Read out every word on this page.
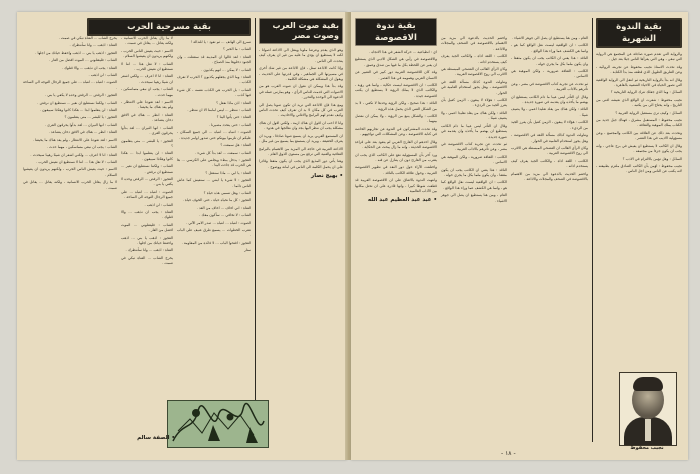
بقية صوت العرب وصوت مصر

وهو الذي يقدم وعرضا ملونا وينقل الى الاذاعة اصواتا ، لكنه لا يستطيع ان يؤدي ما عليه من غير ان يعرف كيف يتحدث الى الناس .

وإذا كانت الاذاعة تمثل ، فإن الاذاعة من غير شك أخرى في مسيرتها الى الجماهير ، وفي قدرتها على الحديث ، ويقول ان المشكلة هي مشكلة الكلمة .

وقد بدأ هذا ويمكن ان نقول ان صوت العرب هو من الاصوات التي قدمت للناس الرأي ، وهو يمارس عمله في الدعوة الى الوحدة والتحرر .

ومع هذا فإن الاذاعة التي تريد ان تكون صوتا يصل الى العرب في كل مكان لا بد ان تعرف كيف تحدث الناس وكيف تقدم لهم البرامج والاغاني والاحاديث .

وانا لا احب ان اقول ان هناك ازمة ، ولكني اقول ان هناك مشكلة يجب ان ننظر اليها بجد وان نعالجها في هدوء .

ان المستمع العربي يريد ان يسمع صوتا صادقا ، ويريد ان يعرف الحقيقة ، ويريد ان يستمتع بما يسمع من غير ملل .

الاذاعة العربية في حاجة الى المزيد من الاهتمام بالبرامج الثقافية والفنية التي ترفع من مستوى الذوق العام .

وهنا يأتي دور المذيع الذي يجب ان يكون مثقفا وقادرا على ان يحمل الكلمة الى الناس في امانة ووضوح .

• بهيج نصار
بقية مسرحية الحرب

تسرع الى الهاتف ... ثم تعود : يا للنذالة !

الشاب : ما الخبر ؟

الفتاة : لقد قالوا ان المدينة قد سقطت ، وان الجنود دخلوها منذ الصباح .

الشاب : لا يمكن ... انهم يكذبون .

الفتاة : وما الذي يجعلهم يكذبون ؟ الحرب لا تعرف الكذب .

الشاب : بل الحرب هي الكذب نفسه ، كل شيء فيها كذب .

الفتاة : اذن ماذا نفعل ؟

الشاب : ننتظر ... ليس امامنا الا ان ننتظر .

الفتاة : حتى يأتوا الينا ؟

الشاب : حتى يتحدد مصيرنا .

الصوت : انتباه ... انتباه ... الى جميع السكان ، عليكم ان تلزموا بيوتكم حتى صدور اوامر جديدة .

الفتاة : هل سمعت ؟

الشاب : سمعت ... لقد بدأ كل شيء .

العجوز : يدخل ببطء ويجلس على الكرسي ... ها هي الحرب قد جاءت الينا .

الفتاة : يا ابي ... ماذا سنفعل ؟

العجوز : لا شيء يا ابنتي ... سنعيش كما عاش الناس دائما .

الشاب : وهل تسمى هذه حياة ؟

العجوز : كل ما نحياه حياة ، حتى الخوف حياة .

الفتاة : اني اخاف ... اخاف من الغد .

الشاب : لا تخافي ... سأكون معك .

الصوت : انتباه ... انتباه ... صدر الامر الآتي .

تقترب الخطوات ... يسمع طرق عنيف على الباب .

العجوز : افتحوا الباب ... لا فائدة من المقاومة .

ستار

لا ما زال يقاتل الحرب الانسانية ، ولكنه يقاتل ... يقاتل في صمت .

الاسم : حيث يعيش الناس الحرب ، ولكنهم يريدون ان يعيشوا السلام .

الشاب : لا تقل هذا ... اننا لا نستطيع ان نعيش الحرب .

الفتاة : انا لا اعرف ... ولكني اشعر ان شيئا رهيبا سيحدث .

الشاب : يجب ان نبقى متماسكين ، مهما حدث .

الاسم : لقد تعودنا على الانتظار ، ولم يعد هناك ما يخيفنا .

الفتاة : انظر ... هناك في الافق دخان يتصاعد .

الشاب : انها النيران ... لقد بدأوا يحرقون القرى .

العجوز : يا للبشر ... متى يتعلمون ؟

الفتاة : لن يتعلموا ابدا ... هكذا كانوا وهكذا سيبقون .

الشاب : ولكننا نستطيع ان نغير ... نستطيع ان نرفض .

العجوز : الرفض ... الرفض وحده لا يكفي يا بني .

الصوت : انتباه ... انتباه ... على جميع الرجال التوجه الى الساحة .

الشاب : لن اذهب .

الفتاة : يجب ان تذهب ... والا قتلوك .

الشاب : فليقتلوني ... الموت افضل من العار .

العجوز : اذهب يا بني ... اذهب واحفظ حياتك من اجلها .

الفتاة : اذهب ... وانا سأنتظرك .

يخرج الشاب ... الفتاة تبكي في صمت .

يخرج الشاب ... الفتاة تبكي في صمت .

الفتاة : اذهب ... وانا سأنتظرك .

العجوز : اذهب يا بني ... اذهب واحفظ حياتك من اجلها .

الشاب : فليقتلوني ... الموت افضل من العار .

الفتاة : يجب ان تذهب ... والا قتلوك .

الشاب : لن اذهب .

الصوت : انتباه ... انتباه ... على جميع الرجال التوجه الى الساحة .

العجوز : الرفض ... الرفض وحده لا يكفي يا بني .

الشاب : ولكننا نستطيع ان نغير ... نستطيع ان نرفض .

الفتاة : لن يتعلموا ابدا ... هكذا كانوا وهكذا سيبقون .

العجوز : يا للبشر ... متى يتعلمون ؟

الشاب : انها النيران ... لقد بدأوا يحرقون القرى .

الفتاة : انظر ... هناك في الافق دخان يتصاعد .

الاسم : لقد تعودنا على الانتظار ، ولم يعد هناك ما يخيفنا .

الشاب : يجب ان نبقى متماسكين ، مهما حدث .

الفتاة : انا لا اعرف ... ولكني اشعر ان شيئا رهيبا سيحدث .

الشاب : لا تقل هذا ... اننا لا نستطيع ان نعيش الحرب .

الاسم : حيث يعيش الناس الحرب ، ولكنهم يريدون ان يعيشوا السلام .

لا ما زال يقاتل الحرب الانسانية ، ولكنه يقاتل ... يقاتل في صمت .

• الصفة سالم
بقية الندوة الشهرية

والرواية التي تقدم صورة صادقة عن المجتمع هي الرواية التي تبقى ، وهي التي يقرأها الناس جيلا بعد جيل .

وقد تحدث الاستاذ نجيب محفوظ عن تجربته الروائية ، وعن الطريق الطويل الذي قطعه منذ بدأ الكتابة .

وقال انه بدأ بالرواية التاريخية ثم انتقل الى الرواية الواقعية التي تصور الحياة في الاحياء الشعبية بالقاهرة .

السائل : وما الذي جعلك تترك الرواية التاريخية ؟

نجيب محفوظ : شعرت ان الواقع الذي نعيشه اغنى من التاريخ ، وانه يحتاج الى من يكتبه .

السائل : وكيف ترى مستقبل الرواية العربية ؟

نجيب محفوظ : المستقبل مشرق ، فهناك جيل جديد من الكتاب يملك الموهبة والثقافة .

وتحدث بعد ذلك عن العلاقة بين الكاتب والمجتمع ، وعن مسؤولية الاديب في هذا العصر .

وقال ان الكاتب لا يستطيع ان يعيش في برج عاجي ، وانه يجب ان يكون جزءا من مجتمعه .

السائل : وهل تؤمن بالالتزام في الادب ؟

نجيب محفوظ : اؤمن بأن الكاتب الصادق ملتزم بطبيعته ، لانه يكتب عن الناس ومن اجل الناس .

العام ، ومن هنا يستطيع ان يصل الى جوهر الاشياء .

الكاتب : ان الواقعية ليست نقل الواقع كما هو ، وانما هي الكشف عما وراء هذا الواقع .

الناقد : هذا يعني ان الكاتب يجب ان يكون مثقفا ، وان يكون ملما بكل ما يجري حوله .

الكاتب : الثقافة ضرورية ، ولكن الموهبة هي الاساس .

ثم تحدث عن تجربة كتاب الاقصوصة في مصر ، وعن تأثرهم بالاداب الغربية .

وقال ان التأثر ليس عيبا ما دام الكاتب يستطيع ان يهضم ما يأخذه وان يقدمه في صورة جديدة .

الناقد : ولكن هناك من يقلد تقليدا اعمى ، ولا يضيف شيئا .

الكاتب : هؤلاء لا يبقون ، الزمن كفيل بأن يفرز الجيد من الرديء .

وتناولت الندوة كذلك مسألة اللغة في الاقصوصة ، وهل يجوز استخدام العامية في الحوار .

وكان الرأي الغالب ان الفصحى المبسطة هي الاقرب الى روح الاقصوصة العربية .

الكاتب : اللغة اداة ، والكاتب الجيد يعرف كيف يستخدم اداته .

واختتم الحديث بالدعوة الى مزيد من الاهتمام بالاقصوصة في الصحف والمجلات والاذاعة .

بقية ندوة الاقصوصة

اي : انطباعية ... حركة الشعر في هذا الاتجاه .

والاقصوصة في رأيي هي الشكل الادبي الذي يستطيع ان يعبر عن اللحظة بكل ما فيها من صدق وعمق .

وقد كان للاقصوصة العربية دور كبير في التعبير عن الانسان العربي وهمومه في هذا العصر .

الكاتب : ان الاقصوصة ليست حكاية ، وانما هي رؤية ، والكاتب الذي لا يملك الرؤية لا يستطيع ان يكتب اقصوصة جيدة .

الناقد : هذا صحيح ، ولكن الرؤية وحدها لا تكفي ، لا بد من الشكل الفني الذي يحمل هذه الرؤية .

الكاتب : والشكل ينبع من الرؤية ، ولا يمكن ان نفصل بينهما .

وقد تحدث المشتركون في الندوة عن تجاربهم الخاصة في كتابة الاقصوصة ، وعن المشكلات التي تواجههم .

وقال احدهم ان القارئ العربي لم يتعود بعد على قراءة الاقصوصة الحديثة ، وانه ما زال يبحث عن الحكاية .

ورد آخر بأن المسؤولية تقع على الكاتب الذي يجب ان يقترب من القارئ دون ان يتنازل عن فنه .

واختلفت الآراء حول دور النقد في تطوير الاقصوصة العربية ، وحول علاقة الكاتب بالناقد .

وانتهت الندوة بالاتفاق على ان الاقصوصة العربية قد قطعت شوطا كبيرا ، وانها قادرة على ان تحتل مكانها بين الآداب العالمية .

• عبد عبد العظيم عبد الله

واختتم الحديث بالدعوة الى مزيد من الاهتمام بالاقصوصة في الصحف والمجلات والاذاعة .

الكاتب : اللغة اداة ، والكاتب الجيد يعرف كيف يستخدم اداته .

وكان الرأي الغالب ان الفصحى المبسطة هي الاقرب الى روح الاقصوصة العربية .

وتناولت الندوة كذلك مسألة اللغة في الاقصوصة ، وهل يجوز استخدام العامية في الحوار .

الكاتب : هؤلاء لا يبقون ، الزمن كفيل بأن يفرز الجيد من الرديء .

الناقد : ولكن هناك من يقلد تقليدا اعمى ، ولا يضيف شيئا .

وقال ان التأثر ليس عيبا ما دام الكاتب يستطيع ان يهضم ما يأخذه وان يقدمه في صورة جديدة .

ثم تحدث عن تجربة كتاب الاقصوصة في مصر ، وعن تأثرهم بالاداب الغربية .

الكاتب : الثقافة ضرورية ، ولكن الموهبة هي الاساس .

الناقد : هذا يعني ان الكاتب يجب ان يكون مثقفا ، وان يكون ملما بكل ما يجري حوله .

الكاتب : ان الواقعية ليست نقل الواقع كما هو ، وانما هي الكشف عما وراء هذا الواقع .

العام ، ومن هنا يستطيع ان يصل الى جوهر الاشياء .

نجيب محفوظ
- ١٨ -
